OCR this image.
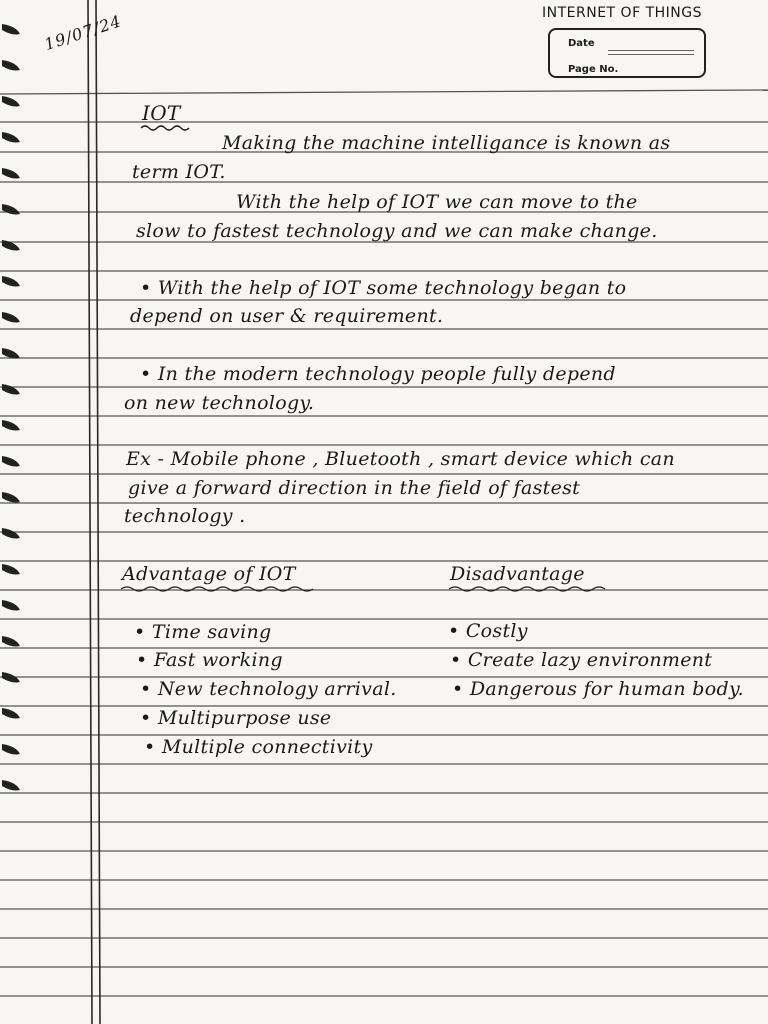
INTERNET OF THINGS
19/07/24	Date
Page No.
IOT
Making the machine intelligance is known as
term IOT.
With the help of IOT we can move to the
slow to fastest technology and we can make change.
• With the help of IOT some technology began to
depend on user & requirement.
• In the modern technology people fully depend
on new technology.
Ex - Mobile phone , Bluetooth , smart device which can
give a forward direction in the field of fastest
technology .
Advantage of IOT
• Time saving
• Fast working
• New technology arrival.
• Multipurpose use
• Multiple connectivity
Disadvantage
• Costly
• Create lazy environment
• Dangerous for human body.
